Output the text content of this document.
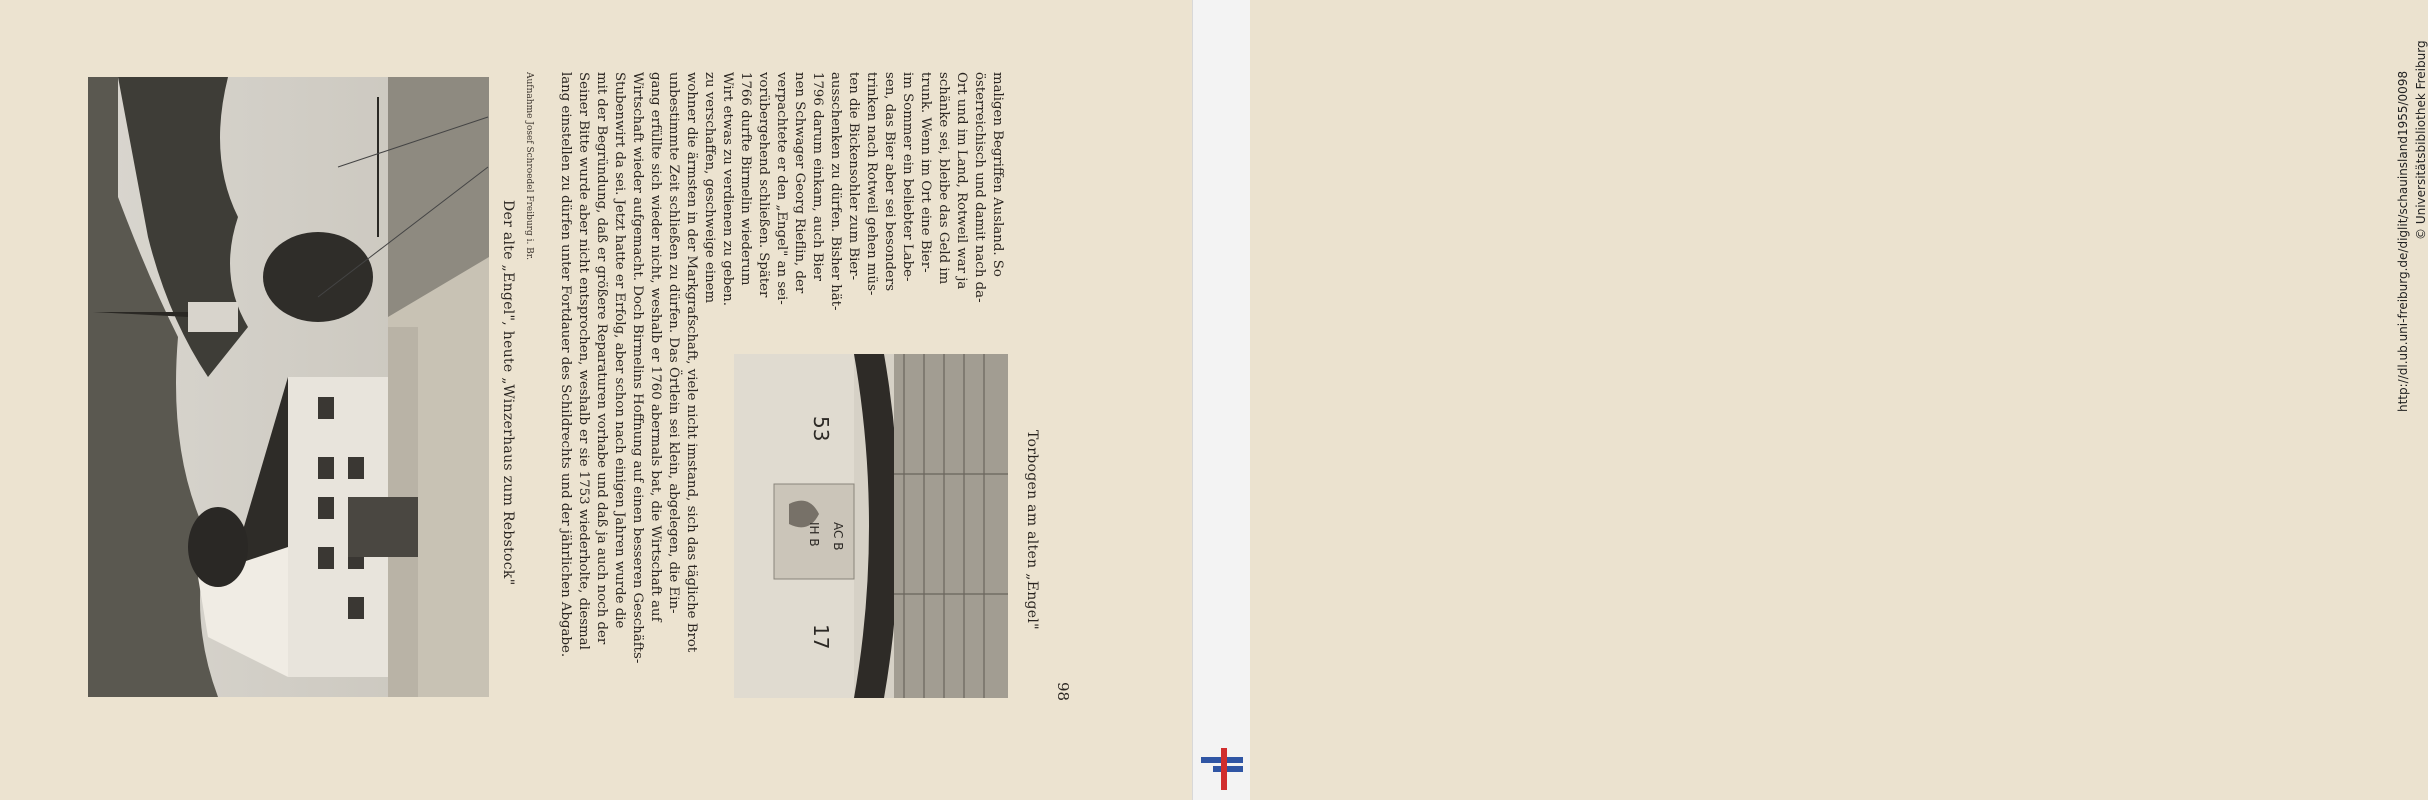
53
17
IH B AC B
Der alte „Engel", heute „Winzerhaus zum Rebstock"
Aufnahme Josef Schroedel Freiburg i. Br. lang einstellen zu dürfen unter Fortdauer des Schildrechts und der jährlichen Abgabe. Seiner Bitte wurde aber nicht entsprochen, weshalb er sie 1753 wiederholte, diesmal mit der Begründung, daß er größere Reparaturen vorhabe und daß ja auch noch der Stubenwirt da sei. Jetzt hatte er Erfolg, aber schon nach einigen Jahren wurde die Wirtschaft wieder aufgemacht. Doch Birmelins Hoffnung auf einen besseren Geschäfts- gang erfüllte sich wieder nicht, weshalb er 1760 abermals bat, die Wirtschaft auf unbestimmte Zeit schließen zu dürfen. Das Örtlein sei klein, abgelegen, die Ein- wohner die ärmsten in der Markgrafschaft, viele nicht imstand, sich das tägliche Brot zu verschaffen, geschweige einem Wirt etwas zu verdienen zu geben. 1766 durfte Birmelin wiederum vorübergehend schließen. Später verpachtete er den „Engel" an sei- nen Schwager Georg Rieflin, der 1796 darum einkam, auch Bier ausschenken zu dürfen. Bisher hät- ten die Bickensohler zum Bier- trinken nach Rotweil gehen müs- sen, das Bier aber sei besonders im Sommer ein beliebter Labe- trunk. Wenn im Ort eine Bier- schänke sei, bleibe das Geld im Ort und im Land, Rotweil war ja österreichisch und damit nach da- maligen Begriffen Ausland. So
Torbogen am alten „Engel"
98
http://dl.ub.uni-freiburg.de/diglit/schauinsland1955/0098 © Universitätsbibliothek Freiburg
